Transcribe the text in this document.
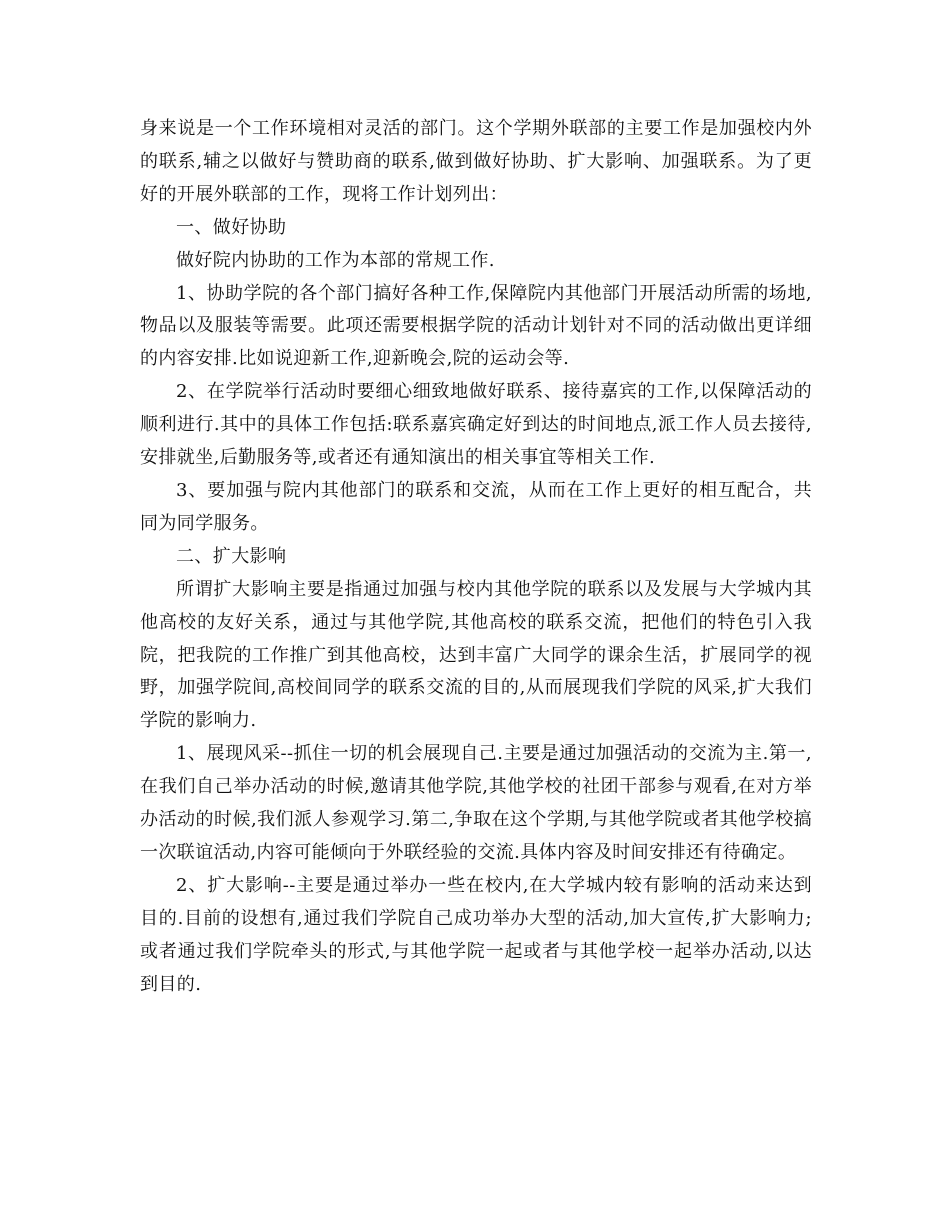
身来说是一个工作环境相对灵活的部门。这个学期外联部的主要工作是加强校内外的联系,辅之以做好与赞助商的联系,做到做好协助、扩大影响、加强联系。为了更好的开展外联部的工作，现将工作计划列出：

一、做好协助

做好院内协助的工作为本部的常规工作.

1、协助学院的各个部门搞好各种工作,保障院内其他部门开展活动所需的场地,物品以及服装等需要。此项还需要根据学院的活动计划针对不同的活动做出更详细的内容安排.比如说迎新工作,迎新晚会,院的运动会等.

2、在学院举行活动时要细心细致地做好联系、接待嘉宾的工作,以保障活动的顺利进行.其中的具体工作包括:联系嘉宾确定好到达的时间地点,派工作人员去接待,安排就坐,后勤服务等,或者还有通知演出的相关事宜等相关工作.

3、要加强与院内其他部门的联系和交流，从而在工作上更好的相互配合，共同为同学服务。

二、扩大影响

所谓扩大影响主要是指通过加强与校内其他学院的联系以及发展与大学城内其他高校的友好关系，通过与其他学院,其他高校的联系交流，把他们的特色引入我院，把我院的工作推广到其他高校，达到丰富广大同学的课余生活，扩展同学的视野，加强学院间,高校间同学的联系交流的目的,从而展现我们学院的风采,扩大我们学院的影响力.

1、展现风采--抓住一切的机会展现自己.主要是通过加强活动的交流为主.第一,在我们自己举办活动的时候,邀请其他学院,其他学校的社团干部参与观看,在对方举办活动的时候,我们派人参观学习.第二,争取在这个学期,与其他学院或者其他学校搞一次联谊活动,内容可能倾向于外联经验的交流.具体内容及时间安排还有待确定。

2、扩大影响--主要是通过举办一些在校内,在大学城内较有影响的活动来达到目的.目前的设想有,通过我们学院自己成功举办大型的活动,加大宣传,扩大影响力;或者通过我们学院牵头的形式,与其他学院一起或者与其他学校一起举办活动,以达到目的.
